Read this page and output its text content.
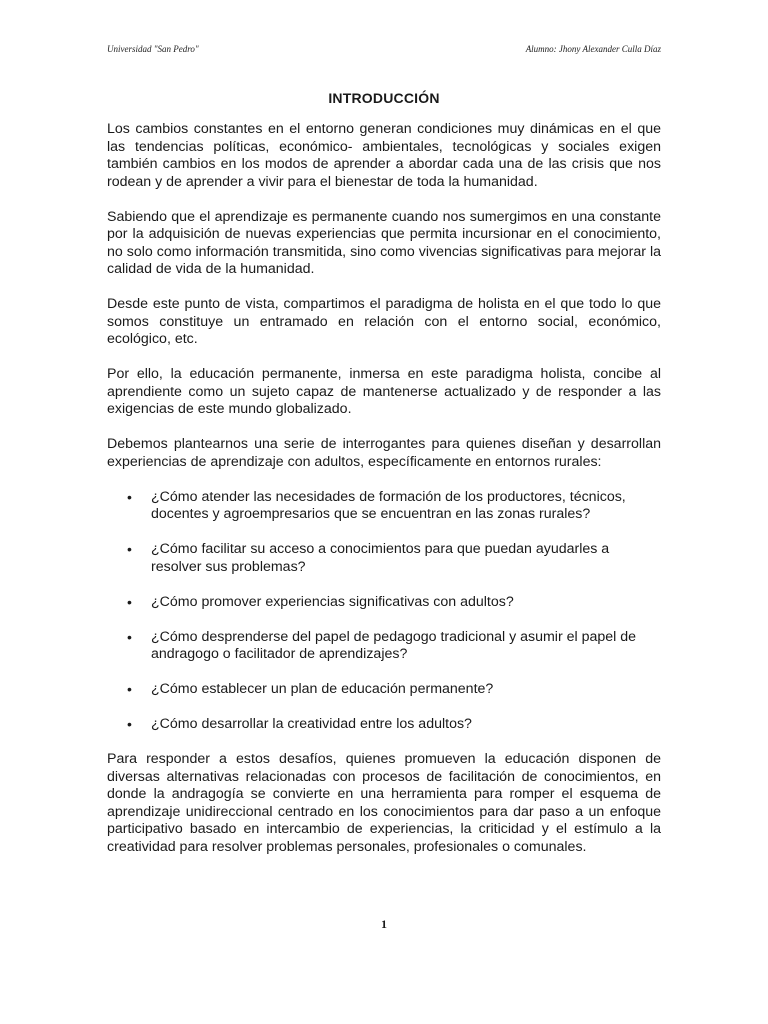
Universidad "San Pedro"	Alumno: Jhony Alexander Culla Díaz
INTRODUCCIÓN

Los cambios constantes en el entorno generan condiciones muy dinámicas en el que las tendencias políticas, económico- ambientales, tecnológicas y sociales exigen también cambios en los modos de aprender a abordar cada una de las crisis que nos rodean y de aprender a vivir para el bienestar de toda la humanidad.

Sabiendo que el aprendizaje es permanente cuando nos sumergimos en una constante por la adquisición de nuevas experiencias que permita incursionar en el conocimiento, no solo como información transmitida, sino como vivencias significativas para mejorar la calidad de vida de la humanidad.

Desde este punto de vista, compartimos el paradigma de holista en el que todo lo que somos constituye un entramado en relación con el entorno social, económico, ecológico, etc.

Por ello, la educación permanente, inmersa en este paradigma holista, concibe al aprendiente como un sujeto capaz de mantenerse actualizado y de responder a las exigencias de este mundo globalizado.

Debemos plantearnos una serie de interrogantes para quienes diseñan y desarrollan experiencias de aprendizaje con adultos, específicamente en entornos rurales:

• ¿Cómo atender las necesidades de formación de los productores, técnicos, docentes y agroempresarios que se encuentran en las zonas rurales?
• ¿Cómo facilitar su acceso a conocimientos para que puedan ayudarles a resolver sus problemas?
• ¿Cómo promover experiencias significativas con adultos?
• ¿Cómo desprenderse del papel de pedagogo tradicional y asumir el papel de andragogo o facilitador de aprendizajes?
• ¿Cómo establecer un plan de educación permanente?
• ¿Cómo desarrollar la creatividad entre los adultos?

Para responder a estos desafíos, quienes promueven la educación disponen de diversas alternativas relacionadas con procesos de facilitación de conocimientos, en donde la andragogía se convierte en una herramienta para romper el esquema de aprendizaje unidireccional centrado en los conocimientos para dar paso a un enfoque participativo basado en intercambio de experiencias, la criticidad y el estímulo a la creatividad para resolver problemas personales, profesionales o comunales.

1
